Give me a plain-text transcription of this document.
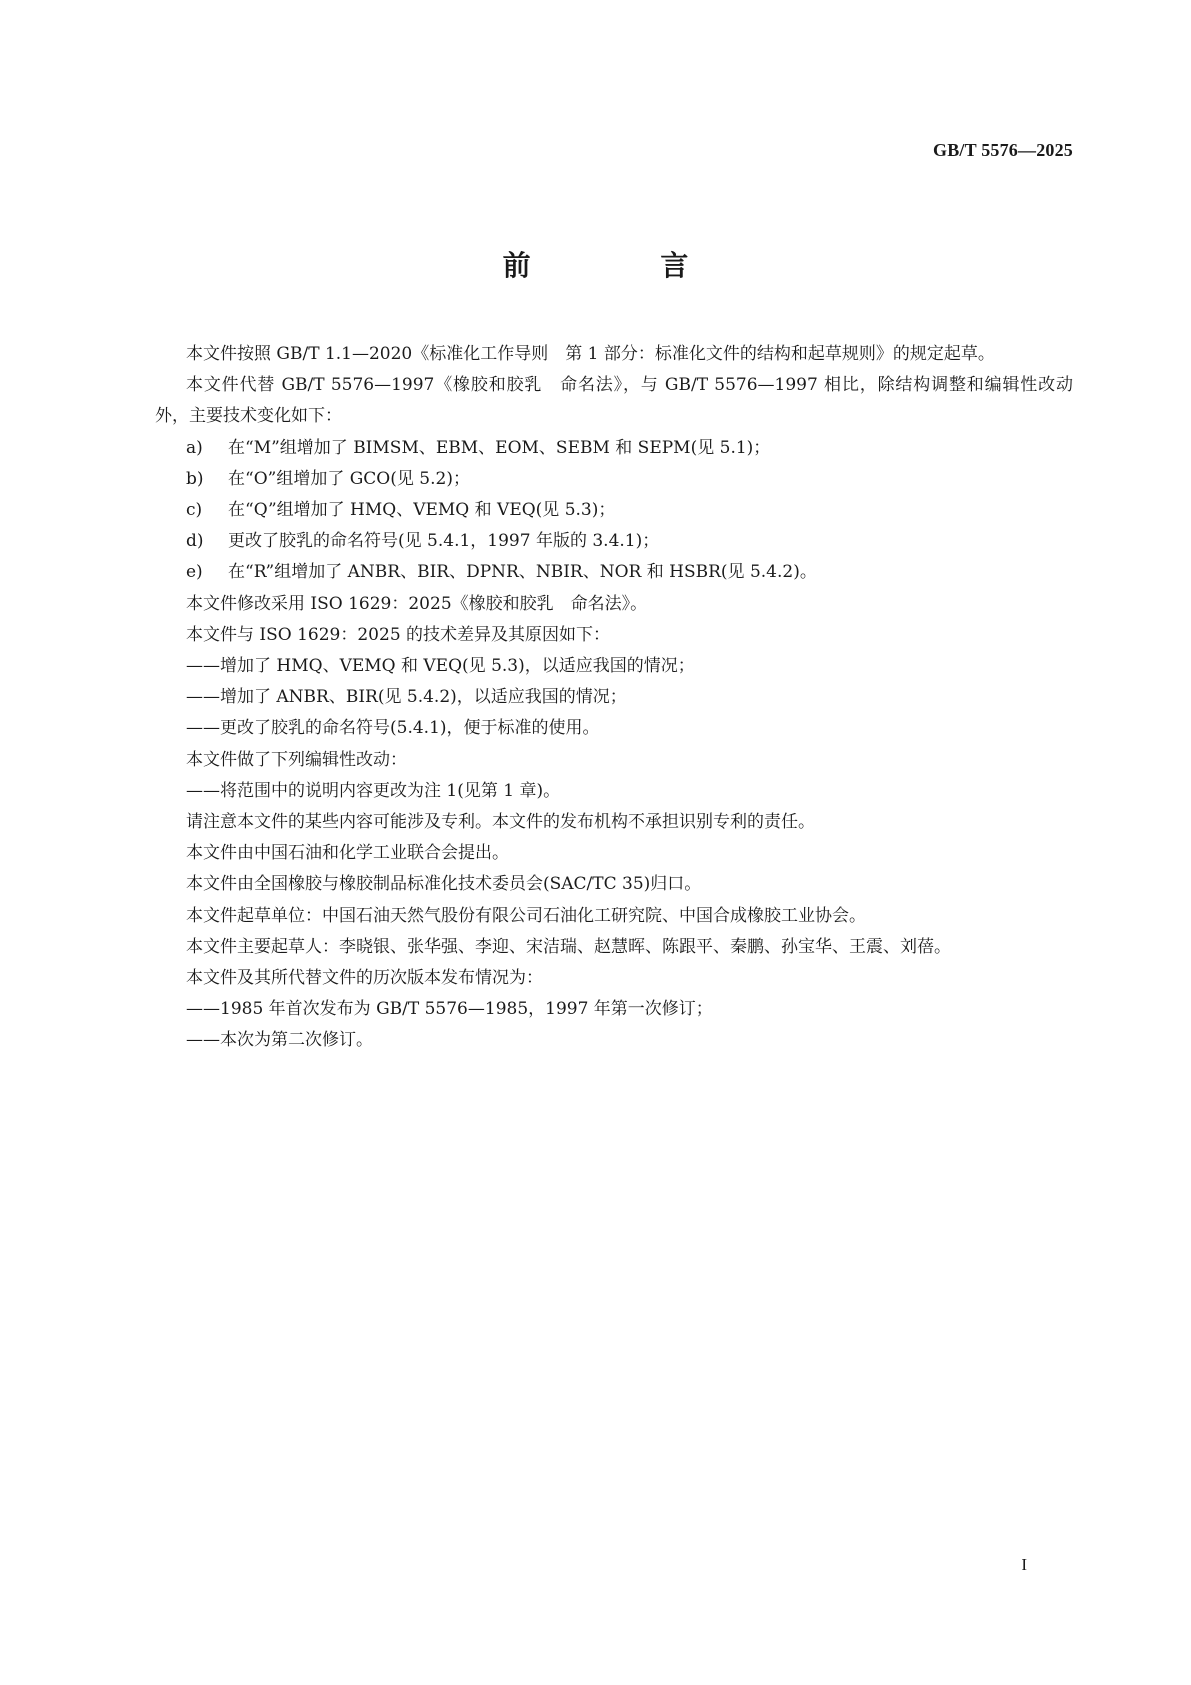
GB/T 5576—2025
前 言

本文件按照 GB/T 1.1—2020《标准化工作导则　第 1 部分：标准化文件的结构和起草规则》的规定起草。

本文件代替 GB/T 5576—1997《橡胶和胶乳　命名法》，与 GB/T 5576—1997 相比，除结构调整和编辑性改动外，主要技术变化如下：

a) 在“M”组增加了 BIMSM、EBM、EOM、SEBM 和 SEPM(见 5.1)；

b) 在“O”组增加了 GCO(见 5.2)；

c) 在“Q”组增加了 HMQ、VEMQ 和 VEQ(见 5.3)；

d) 更改了胶乳的命名符号(见 5.4.1，1997 年版的 3.4.1)；

e) 在“R”组增加了 ANBR、BIR、DPNR、NBIR、NOR 和 HSBR(见 5.4.2)。

本文件修改采用 ISO 1629：2025《橡胶和胶乳　命名法》。

本文件与 ISO 1629：2025 的技术差异及其原因如下：

——增加了 HMQ、VEMQ 和 VEQ(见 5.3)，以适应我国的情况；

——增加了 ANBR、BIR(见 5.4.2)，以适应我国的情况；

——更改了胶乳的命名符号(5.4.1)，便于标准的使用。

本文件做了下列编辑性改动：

——将范围中的说明内容更改为注 1(见第 1 章)。

请注意本文件的某些内容可能涉及专利。本文件的发布机构不承担识别专利的责任。

本文件由中国石油和化学工业联合会提出。

本文件由全国橡胶与橡胶制品标准化技术委员会(SAC/TC 35)归口。

本文件起草单位：中国石油天然气股份有限公司石油化工研究院、中国合成橡胶工业协会。

本文件主要起草人：李晓银、张华强、李迎、宋洁瑞、赵慧晖、陈跟平、秦鹏、孙宝华、王震、刘蓓。

本文件及其所代替文件的历次版本发布情况为：

——1985 年首次发布为 GB/T 5576—1985，1997 年第一次修订；

——本次为第二次修订。

I
